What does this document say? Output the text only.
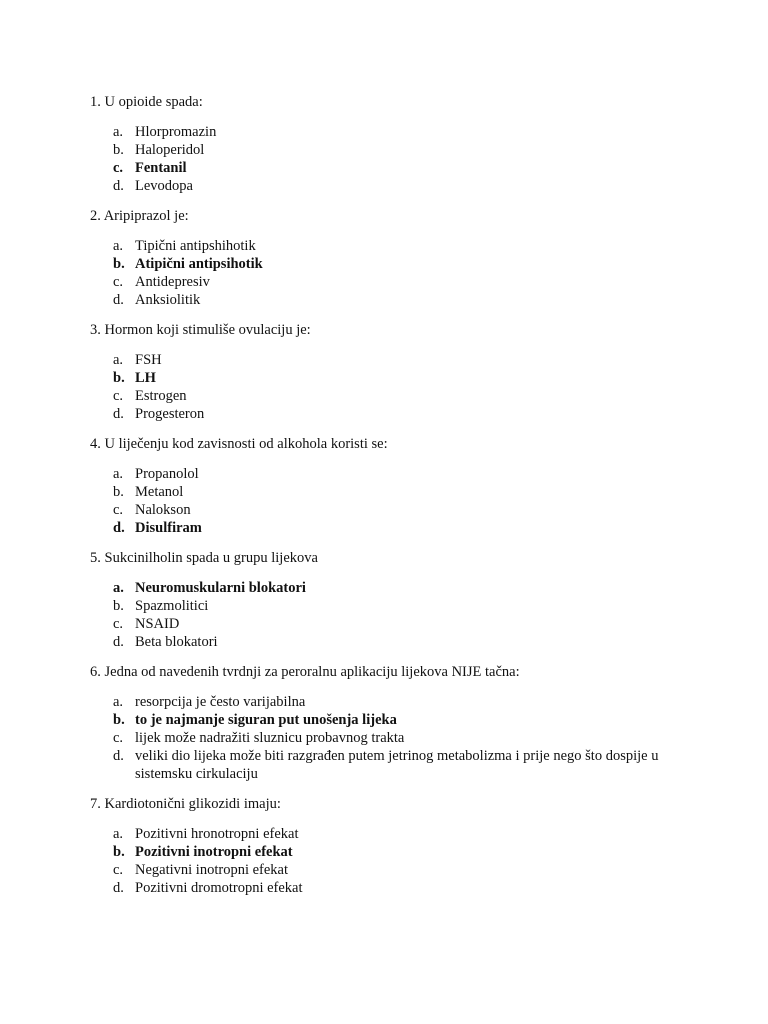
1. U opioide spada:

a. Hlorpromazin
b. Haloperidol
c. Fentanil
d. Levodopa

2. Aripiprazol je:

a. Tipični antipshihotik
b. Atipični antipsihotik
c. Antidepresiv
d. Anksiolitik

3. Hormon koji stimuliše ovulaciju je:

a. FSH
b. LH
c. Estrogen
d. Progesteron

4. U liječenju kod zavisnosti od alkohola koristi se:

a. Propanolol
b. Metanol
c. Nalokson
d. Disulfiram

5. Sukcinilholin spada u grupu lijekova

a. Neuromuskularni blokatori
b. Spazmolitici
c. NSAID
d. Beta blokatori

6. Jedna od navedenih tvrdnji za peroralnu aplikaciju lijekova NIJE tačna:

a. resorpcija je često varijabilna
b. to je najmanje siguran put unošenja lijeka
c. lijek može nadražiti sluznicu probavnog trakta
d. veliki dio lijeka može biti razgrađen putem jetrinog metabolizma i prije nego što dospije u sistemsku cirkulaciju

7. Kardiotonični glikozidi imaju:

a. Pozitivni hronotropni efekat
b. Pozitivni inotropni efekat
c. Negativni inotropni efekat
d. Pozitivni dromotropni efekat
